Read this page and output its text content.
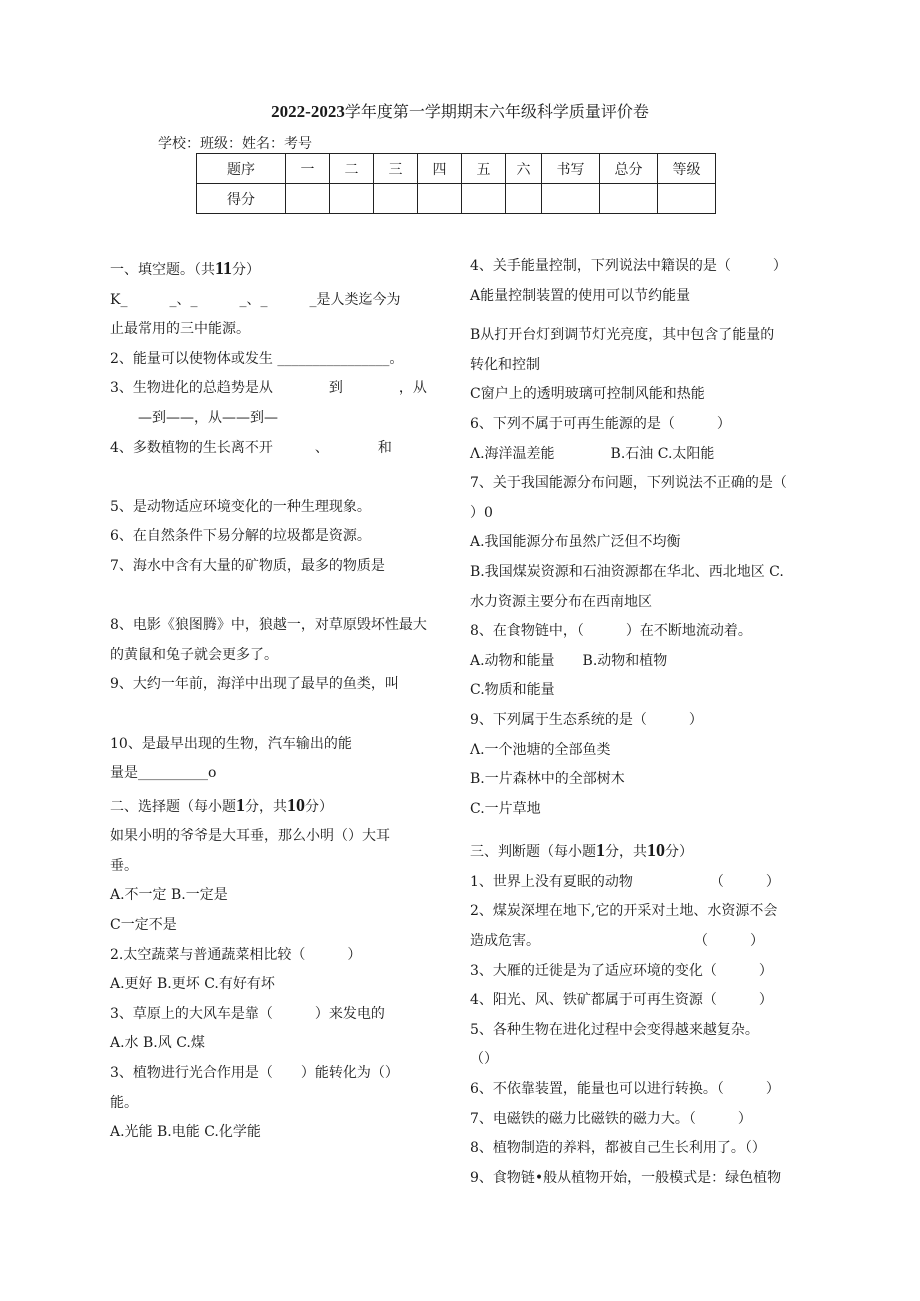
2022-2023学年度第一学期期末六年级科学质量评价卷
学校：班级：姓名：考号
题序	一	二	三	四	五	六	书写	总分	等级
得分									
一、填空题。（共11分）
K_　　　_、_　　　_、_　　　_是人类迄今为
止最常用的三中能源。
2、能量可以使物体或发生 ________________。
3、生物进化的总趋势是从　　　　到　　　　，从
　　—到——，从——到—
4、多数植物的生长离不开　　　、　　　　和
5、是动物适应环境变化的一种生理现象。
6、在自然条件下易分解的垃圾都是资源。
7、海水中含有大量的矿物质，最多的物质是
8、电影《狼图腾》中，狼越一，对草原毁坏性最大
的黄鼠和兔子就会更多了。
9、大约一年前，海洋中出现了最早的鱼类，叫
10、是最早出现的生物，汽车输出的能
量是__________o
二、选择题（每小题1分，共10分）
如果小明的爷爷是大耳垂，那么小明（）大耳
垂。
A.不一定 B.一定是
C一定不是
2.太空蔬菜与普通蔬菜相比较（　　　）
A.更好 B.更坏 C.有好有坏
3、草原上的大风车是靠（　　　）来发电的
A.水 B.风 C.煤
3、植物进行光合作用是（　　）能转化为（）
能。
A.光能 B.电能 C.化学能
4、关手能量控制，下列说法中籍误的是（　　　）
A能量控制装置的使用可以节约能量
B从打开台灯到调节灯光亮度，其中包含了能量的
转化和控制
C窗户上的透明玻璃可控制风能和热能
6、下列不属于可再生能源的是（　　　）
Λ.海洋温差能　　　　B.石油 C.太阳能
7、关于我国能源分布问题，下列说法不正确的是（
）0
A.我国能源分布虽然广泛但不均衡
B.我国煤炭资源和石油资源都在华北、西北地区 C.
水力资源主要分布在西南地区
8、在食物链中，（　　　）在不断地流动着。
A.动物和能量　　B.动物和植物
C.物质和能量
9、下列属于生态系统的是（　　　）
Λ.一个池塘的全部鱼类
B.一片森林中的全部树木
C.一片草地
三、判断题（每小题1分，共10分）
1、世界上没有夏眠的动物　　　　　　（　　　）
2、煤炭深埋在地下,它的开采对土地、水资源不会
造成危害。　　　　　　　　　　　　（　　　）
3、大雁的迁徙是为了适应环境的变化（　　　）
4、阳光、风、铁矿都属于可再生资源（　　　）
5、各种生物在进化过程中会变得越来越复杂。
（）
6、不依靠装置，能量也可以进行转换。（　　　）
7、电磁铁的磁力比磁铁的磁力大。（　　　）
8、植物制造的养料，都被自己生长利用了。（）
9、食物链•般从植物开始，一般模式是：绿色植物
